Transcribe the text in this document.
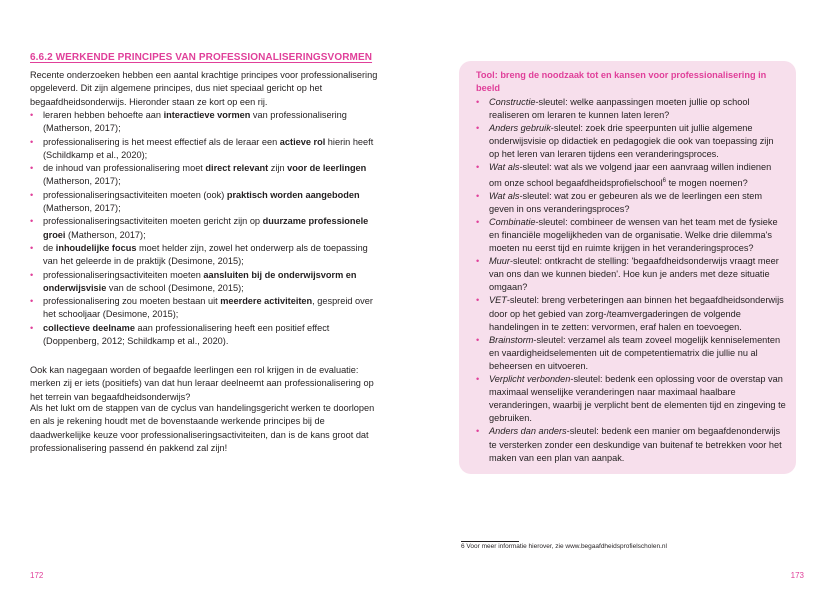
6.6.2 WERKENDE PRINCIPES VAN PROFESSIONALISERINGSVORMEN
Recente onderzoeken hebben een aantal krachtige principes voor professionalisering opgeleverd. Dit zijn algemene principes, dus niet speciaal gericht op het begaafdheidsonderwijs. Hieronder staan ze kort op een rij.
• leraren hebben behoefte aan interactieve vormen van professionalisering (Matherson, 2017);
• professionalisering is het meest effectief als de leraar een actieve rol hierin heeft (Schildkamp et al., 2020);
• de inhoud van professionalisering moet direct relevant zijn voor de leerlingen (Matherson, 2017);
• professionaliseringsactiviteiten moeten (ook) praktisch worden aangeboden (Matherson, 2017);
• professionaliseringsactiviteiten moeten gericht zijn op duurzame professionele groei (Matherson, 2017);
• de inhoudelijke focus moet helder zijn, zowel het onderwerp als de toepassing van het geleerde in de praktijk (Desimone, 2015);
• professionaliseringsactiviteiten moeten aansluiten bij de onderwijsvorm en onderwijsvisie van de school (Desimone, 2015);
• professionalisering zou moeten bestaan uit meerdere activiteiten, gespreid over het schooljaar (Desimone, 2015);
• collectieve deelname aan professionalisering heeft een positief effect (Doppenberg, 2012; Schildkamp et al., 2020).
Ook kan nagegaan worden of begaafde leerlingen een rol krijgen in de evaluatie: merken zij er iets (positiefs) van dat hun leraar deelneemt aan professionalisering op het terrein van begaafdheidsonderwijs?
Als het lukt om de stappen van de cyclus van handelingsgericht werken te doorlopen en als je rekening houdt met de bovenstaande werkende principes bij de daadwerkelijke keuze voor professionaliseringsactiviteiten, dan is de kans groot dat professionalisering passend én pakkend zal zijn!
172
Tool: breng de noodzaak tot en kansen voor professionalisering in beeld
• Constructie-sleutel: welke aanpassingen moeten jullie op school realiseren om leraren te kunnen laten leren?
• Anders gebruik-sleutel: zoek drie speerpunten uit jullie algemene onderwijsvisie op didactiek en pedagogiek die ook van toepassing zijn op het leren van leraren tijdens een veranderingsproces.
• Wat als-sleutel: wat als we volgend jaar een aanvraag willen indienen om onze school begaafdheidsprofielschool$^6$ te mogen noemen?
• Wat als-sleutel: wat zou er gebeuren als we de leerlingen een stem geven in ons veranderingsproces?
• Combinatie-sleutel: combineer de wensen van het team met de fysieke en financiële mogelijkheden van de organisatie. Welke drie dilemma's moeten nu eerst tijd en ruimte krijgen in het veranderingsproces?
• Muur-sleutel: ontkracht de stelling: 'begaafdheidsonderwijs vraagt meer van ons dan we kunnen bieden'. Hoe kun je anders met deze situatie omgaan?
• VET-sleutel: breng verbeteringen aan binnen het begaafdheidsonderwijs door op het gebied van zorg-/teamvergaderingen de volgende handelingen in te zetten: vervormen, eraf halen en toevoegen.
• Brainstorm-sleutel: verzamel als team zoveel mogelijk kenniselementen en vaardigheidselementen uit de competentiematrix die jullie nu al beheersen en uitvoeren.
• Verplicht verbonden-sleutel: bedenk een oplossing voor de overstap van maximaal wenselijke veranderingen naar maximaal haalbare veranderingen, waarbij je verplicht bent de elementen tijd en zingeving te gebruiken.
• Anders dan anders-sleutel: bedenk een manier om begaafdenonderwijs te versterken zonder een deskundige van buitenaf te betrekken voor het maken van een plan van aanpak.
6 Voor meer informatie hierover, zie www.begaafdheidsprofielscholen.nl
173
